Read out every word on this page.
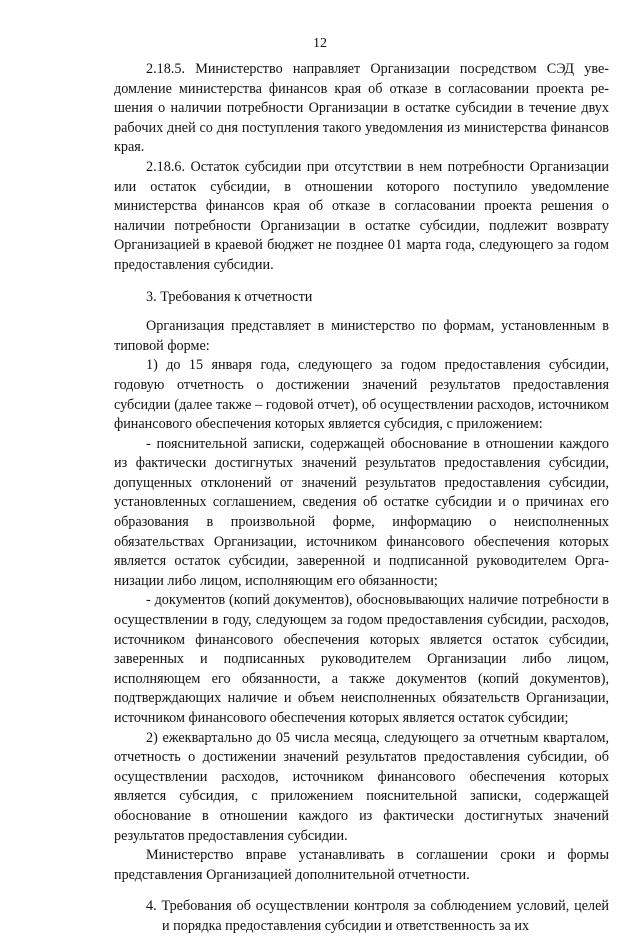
12

2.18.5. Министерство направляет Организации посредством СЭД уведомление министерства финансов края об отказе в согласовании проекта решения о наличии потребности Организации в остатке субсидии в течение двух рабочих дней со дня поступления такого уведомления из министерства финансов края.

2.18.6. Остаток субсидии при отсутствии в нем потребности Организации или остаток субсидии, в отношении которого поступило уведомление министерства финансов края об отказе в согласовании проекта решения о наличии потребности Организации в остатке субсидии, подлежит возврату Организацией в краевой бюджет не позднее 01 марта года, следующего за годом предоставления субсидии.

3. Требования к отчетности

Организация представляет в министерство по формам, установленным в типовой форме:

1) до 15 января года, следующего за годом предоставления субсидии, годовую отчетность о достижении значений результатов предоставления субсидии (далее также – годовой отчет), об осуществлении расходов, источником финансового обеспечения которых является субсидия, с приложением:

- пояснительной записки, содержащей обоснование в отношении каждого из фактически достигнутых значений результатов предоставления субсидии, допущенных отклонений от значений результатов предоставления субсидии, установленных соглашением, сведения об остатке субсидии и о причинах его образования в произвольной форме, информацию о неисполненных обязательствах Организации, источником финансового обеспечения которых является остаток субсидии, заверенной и подписанной руководителем Организации либо лицом, исполняющим его обязанности;

- документов (копий документов), обосновывающих наличие потребности в осуществлении в году, следующем за годом предоставления субсидии, расходов, источником финансового обеспечения которых является остаток субсидии, заверенных и подписанных руководителем Организации либо лицом, исполняющем его обязанности, а также документов (копий документов), подтверждающих наличие и объем неисполненных обязательств Организации, источником финансового обеспечения которых является остаток субсидии;

2) ежеквартально до 05 числа месяца, следующего за отчетным кварталом, отчетность о достижении значений результатов предоставления субсидии, об осуществлении расходов, источником финансового обеспечения которых является субсидия, с приложением пояснительной записки, содержащей обоснование в отношении каждого из фактически достигнутых значений результатов предоставления субсидии.

Министерство вправе устанавливать в соглашении сроки и формы представления Организацией дополнительной отчетности.

4. Требования об осуществлении контроля за соблюдением условий, целей и порядка предоставления субсидии и ответственность за их
